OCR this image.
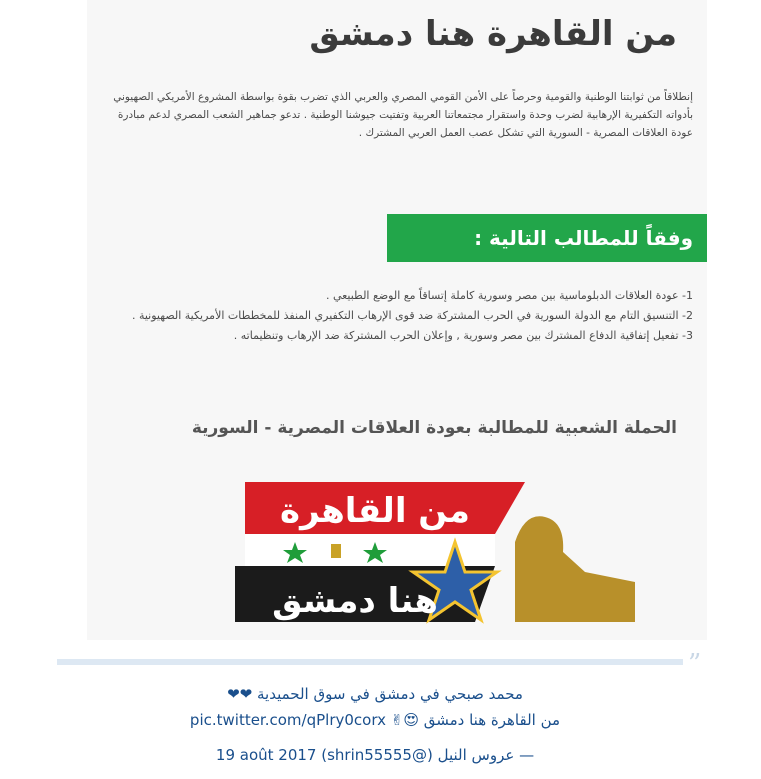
من القاهرة هنا دمشق
إنطلاقاً من ثوابتنا الوطنية والقومية وحرصاً على الأمن القومي المصري والعربي الذي تضرب بقوة بواسطة المشروع الأمريكي الصهيوني بأدواته التكفيرية الإرهابية لضرب وحدة واستقرار مجتمعاتنا العربية وتفتيت جيوشنا الوطنية . تدعو جماهير الشعب المصري لدعم مبادرة عودة العلاقات المصرية - السورية التي تشكل عصب العمل العربي المشترك .
وفقاً للمطالب التالية :
1- عودة العلاقات الدبلوماسية بين مصر وسورية كاملة إتساقاً مع الوضع الطبيعي .
2- التنسيق التام مع الدولة السورية في الحرب المشتركة ضد قوى الإرهاب التكفيري المنفذ للمخططات الأمريكية الصهيونية .
3- تفعيل إتفاقية الدفاع المشترك بين مصر وسورية , وإعلان الحرب المشتركة ضد الإرهاب وتنظيماته .
الحملة الشعبية للمطالبة بعودة العلاقات المصرية - السورية
من القاهرة
هنا دمشق
”
محمد صبحي في دمشق في سوق الحميدية ❤❤
من القاهرة هنا دمشق 😍✌ pic.twitter.com/qPlry0corx
— عروس النيل (@shrin55555) 19 août 2017
